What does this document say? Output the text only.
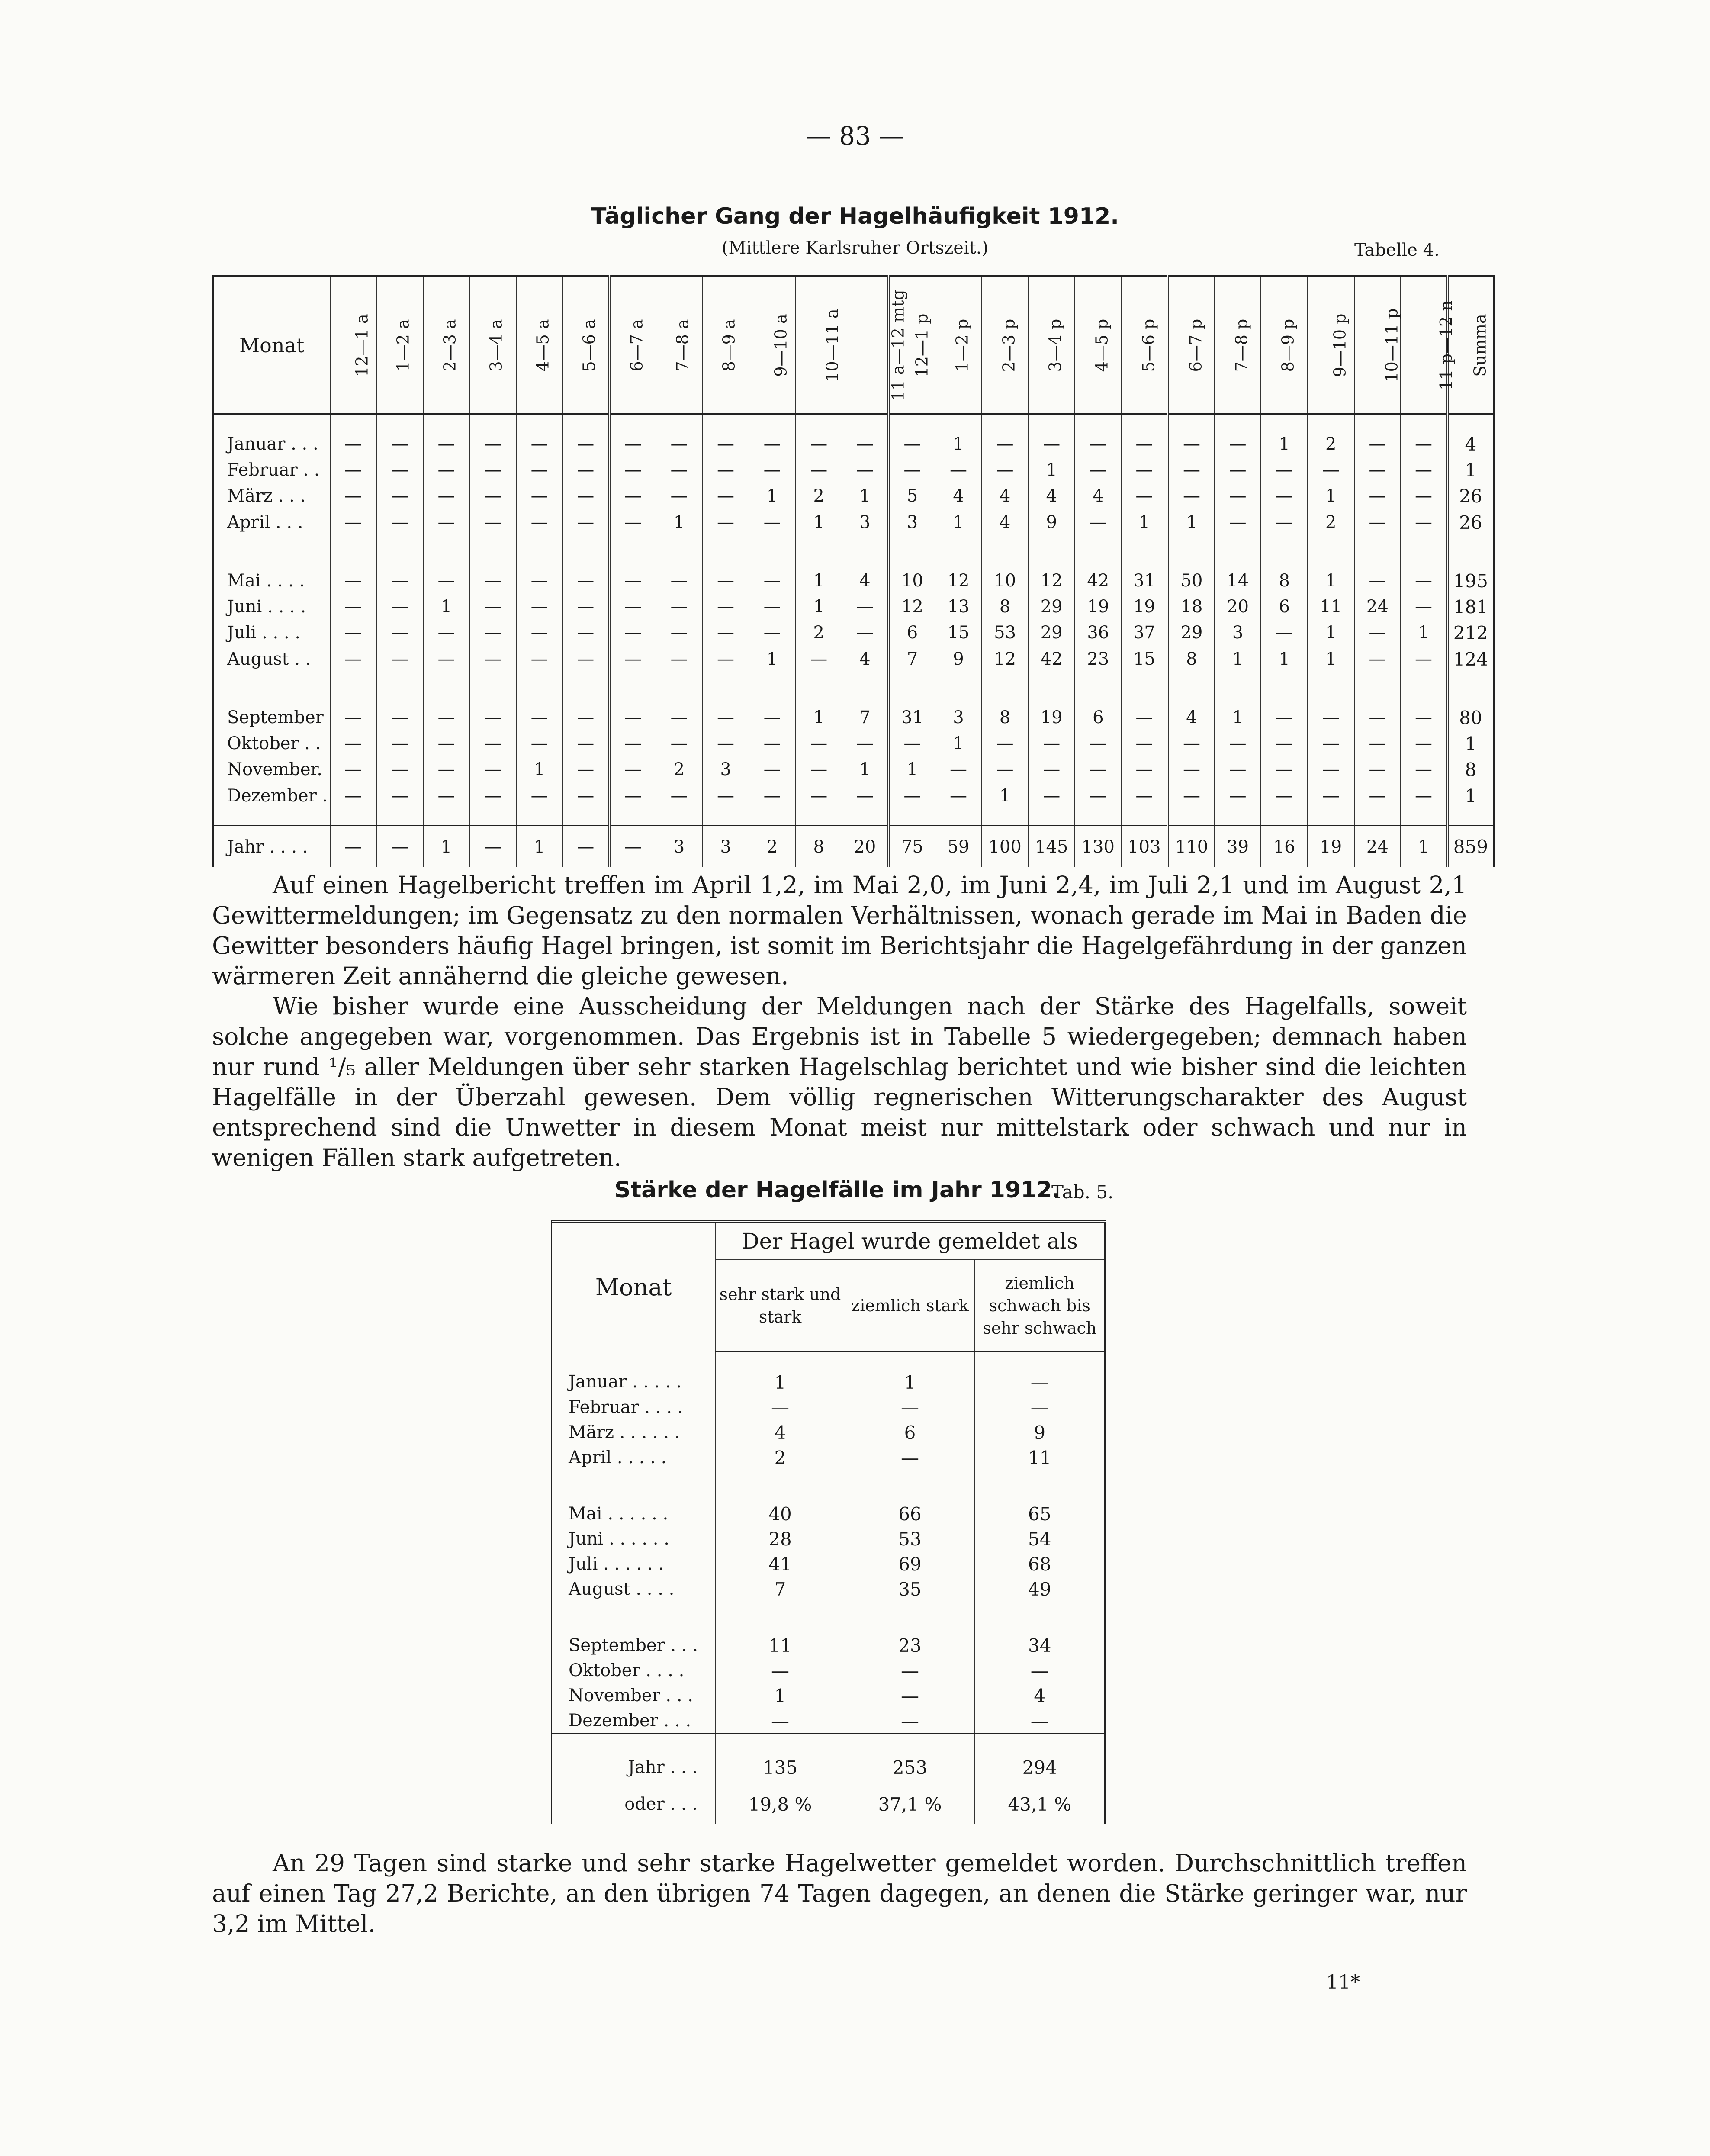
— 83 —
Täglicher Gang der Hagelhäufigkeit 1912.
(Mittlere Karlsruher Ortszeit.)	Tabelle 4.
Monat	12—1 a	1—2 a	2—3 a	3—4 a	4—5 a	5—6 a	6—7 a	7—8 a	8—9 a	9—10 a	10—11 a	11 a—12 mtg	12—1 p	1—2 p	2—3 p	3—4 p	4—5 p	5—6 p	6—7 p	7—8 p	8—9 p	9—10 p	10—11 p	11 p—12 n	Summa
Januar . . .	—	—	—	—	—	—	—	—	—	—	—	—	—	1	—	—	—	—	—	—	1	2	—	—	4
Februar . .	—	—	—	—	—	—	—	—	—	—	—	—	—	—	—	1	—	—	—	—	—	—	—	—	1
März . . .	—	—	—	—	—	—	—	—	—	1	2	1	5	4	4	4	4	—	—	—	—	1	—	—	26
April . . .	—	—	—	—	—	—	—	1	—	—	1	3	3	1	4	9	—	1	1	—	—	2	—	—	26
Mai . . . .	—	—	—	—	—	—	—	—	—	—	1	4	10	12	10	12	42	31	50	14	8	1	—	—	195
Juni . . . .	—	—	1	—	—	—	—	—	—	—	1	—	12	13	8	29	19	19	18	20	6	11	24	—	181
Juli . . . .	—	—	—	—	—	—	—	—	—	—	2	—	6	15	53	29	36	37	29	3	—	1	—	1	212
August . .	—	—	—	—	—	—	—	—	—	1	—	4	7	9	12	42	23	15	8	1	1	1	—	—	124
September	—	—	—	—	—	—	—	—	—	—	1	7	31	3	8	19	6	—	4	1	—	—	—	—	80
Oktober . .	—	—	—	—	—	—	—	—	—	—	—	—	—	1	—	—	—	—	—	—	—	—	—	—	1
November.	—	—	—	—	1	—	—	2	3	—	—	1	1	—	—	—	—	—	—	—	—	—	—	—	8
Dezember .	—	—	—	—	—	—	—	—	—	—	—	—	—	—	1	—	—	—	—	—	—	—	—	—	1
Jahr . . . .	—	—	1	—	1	—	—	3	3	2	8	20	75	59	100	145	130	103	110	39	16	19	24	1	859
Auf einen Hagelbericht treffen im April 1,2, im Mai 2,0, im Juni 2,4, im Juli 2,1 und im August 2,1 Gewittermeldungen; im Gegensatz zu den normalen Verhältnissen, wonach gerade im Mai in Baden die Gewitter besonders häufig Hagel bringen, ist somit im Berichtsjahr die Hagelgefährdung in der ganzen wärmeren Zeit annähernd die gleiche gewesen.
Wie bisher wurde eine Ausscheidung der Meldungen nach der Stärke des Hagelfalls, soweit solche angegeben war, vorgenommen. Das Ergebnis ist in Tabelle 5 wiedergegeben; demnach haben nur rund ¹/₅ aller Meldungen über sehr starken Hagelschlag berichtet und wie bisher sind die leichten Hagelfälle in der Überzahl gewesen. Dem völlig regnerischen Witterungscharakter des August entsprechend sind die Unwetter in diesem Monat meist nur mittelstark oder schwach und nur in wenigen Fällen stark aufgetreten.
Stärke der Hagelfälle im Jahr 1912.
Tab. 5.
Monat	Der Hagel wurde gemeldet als		
	sehr stark und stark	ziemlich stark	ziemlich schwach bis sehr schwach
Januar . . . . .	1	1	—
Februar . . . .	—	—	—
März . . . . . .	4	6	9
April . . . . .	2	—	11
Mai . . . . . .	40	66	65
Juni . . . . . .	28	53	54
Juli . . . . . .	41	69	68
August . . . .	7	35	49
September . . .	11	23	34
Oktober . . . .	—	—	—
November . . .	1	—	4
Dezember . . .	—	—	—
Jahr . . .	135	253	294
oder . . .	19,8 %	37,1 %	43,1 %
An 29 Tagen sind starke und sehr starke Hagelwetter gemeldet worden. Durchschnittlich treffen auf einen Tag 27,2 Berichte, an den übrigen 74 Tagen dagegen, an denen die Stärke geringer war, nur 3,2 im Mittel.
11*
